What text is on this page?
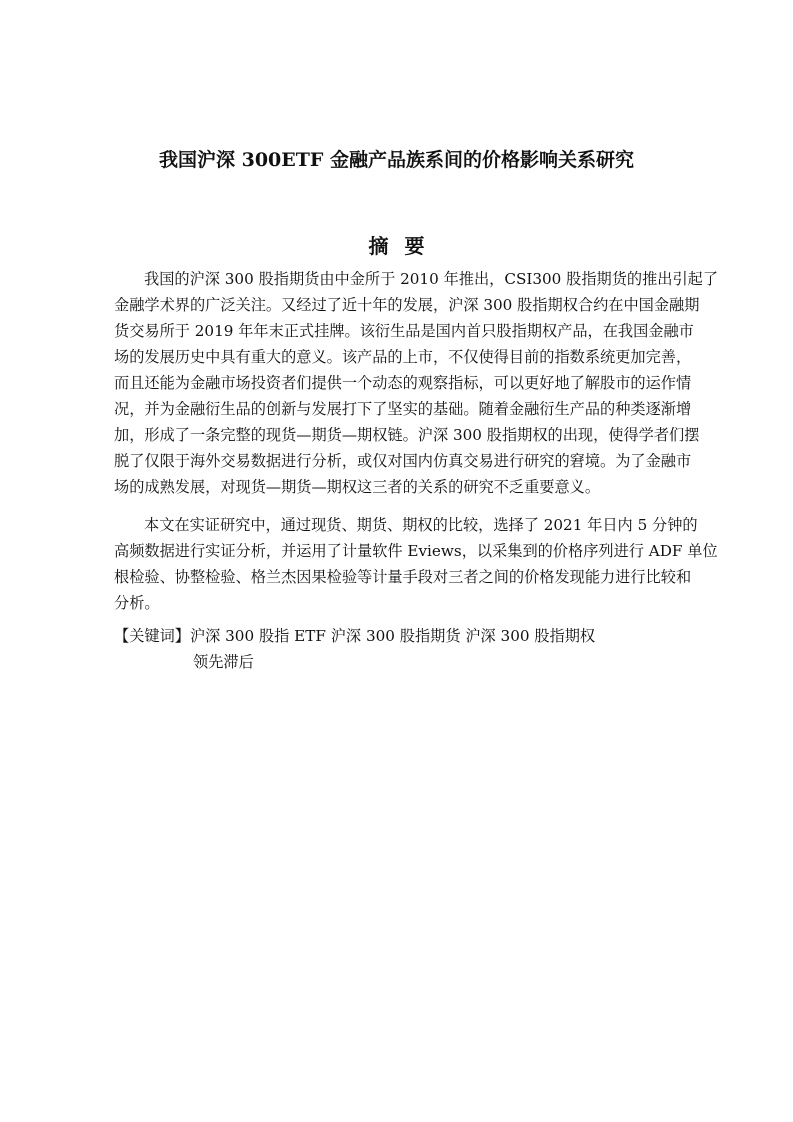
我国沪深 300ETF 金融产品族系间的价格影响关系研究
摘要
我国的沪深 300 股指期货由中金所于 2010 年推出，CSI300 股指期货的推出引起了
金融学术界的广泛关注。又经过了近十年的发展，沪深 300 股指期权合约在中国金融期
货交易所于 2019 年年末正式挂牌。该衍生品是国内首只股指期权产品，在我国金融市
场的发展历史中具有重大的意义。该产品的上市，不仅使得目前的指数系统更加完善，
而且还能为金融市场投资者们提供一个动态的观察指标，可以更好地了解股市的运作情
况，并为金融衍生品的创新与发展打下了坚实的基础。随着金融衍生产品的种类逐渐增
加，形成了一条完整的现货—期货—期权链。沪深 300 股指期权的出现，使得学者们摆
脱了仅限于海外交易数据进行分析，或仅对国内仿真交易进行研究的窘境。为了金融市
场的成熟发展，对现货—期货—期权这三者的关系的研究不乏重要意义。
本文在实证研究中，通过现货、期货、期权的比较，选择了 2021 年日内 5 分钟的
高频数据进行实证分析，并运用了计量软件 Eviews，以采集到的价格序列进行 ADF 单位
根检验、协整检验、格兰杰因果检验等计量手段对三者之间的价格发现能力进行比较和
分析。
【关键词】沪深 300 股指 ETF 沪深 300 股指期货 沪深 300 股指期权
领先滞后
